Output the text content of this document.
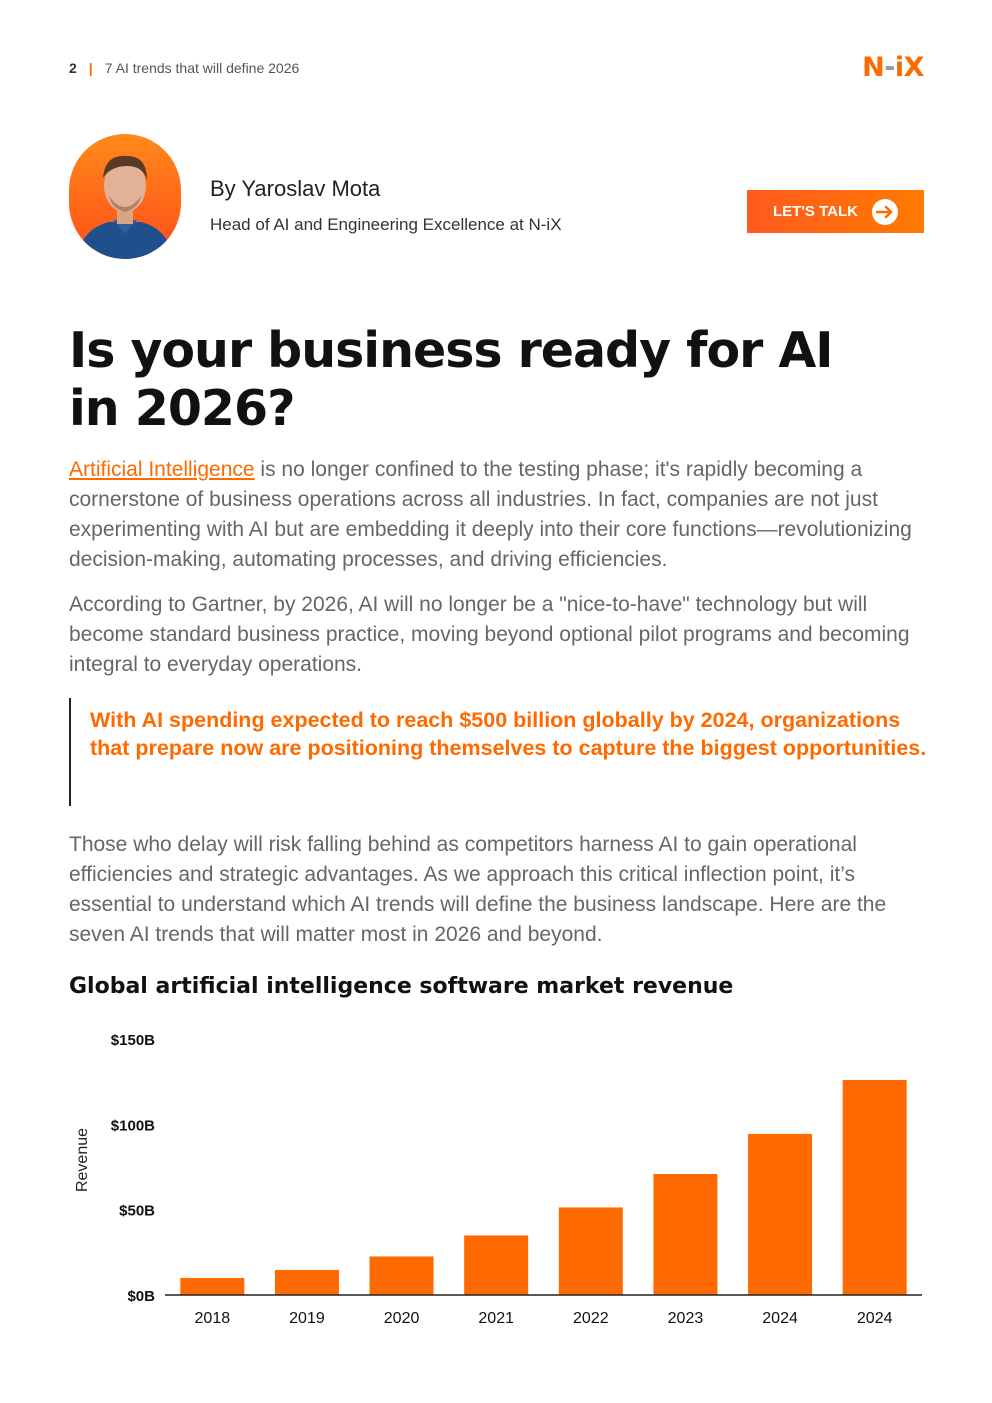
2 | 7 AI trends that will define 2026	N-iX
By Yaroslav Mota
Head of AI and Engineering Excellence at N-iX
LET'S TALK
Is your business ready for AI
in 2026?

Artificial Intelligence is no longer confined to the testing phase; it's rapidly becoming a cornerstone of business operations across all industries. In fact, companies are not just experimenting with AI but are embedding it deeply into their core functions—revolutionizing decision-making, automating processes, and driving efficiencies.

According to Gartner, by 2026, AI will no longer be a "nice-to-have" technology but will become standard business practice, moving beyond optional pilot programs and becoming integral to everyday operations.

With AI spending expected to reach $500 billion globally by 2024, organizations that prepare now are positioning themselves to capture the biggest opportunities.

Those who delay will risk falling behind as competitors harness AI to gain operational efficiencies and strategic advantages. As we approach this critical inflection point, it’s essential to understand which AI trends will define the business landscape. Here are the seven AI trends that will matter most in 2026 and beyond.

Global artificial intelligence software market revenue
Revenue
$0B
$50B
$100B
$150B
2018	2019	2020	2021	2022	2023	2024	2024
